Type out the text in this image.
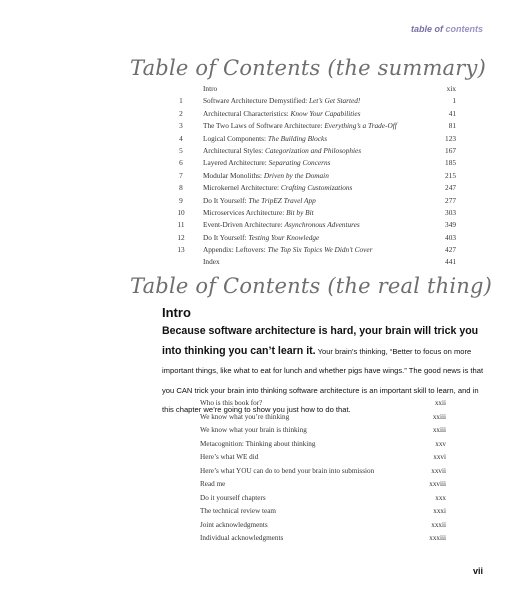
table of contents
Table of Contents (the summary)
Intro	xix
1	Software Architecture Demystified: Let’s Get Started!	1
2	Architectural Characteristics: Know Your Capabilities	41
3	The Two Laws of Software Architecture: Everything’s a Trade-Off	81
4	Logical Components: The Building Blocks	123
5	Architectural Styles: Categorization and Philosophies	167
6	Layered Architecture: Separating Concerns	185
7	Modular Monoliths: Driven by the Domain	215
8	Microkernel Architecture: Crafting Customizations	247
9	Do It Yourself: The TripEZ Travel App	277
10	Microservices Architecture: Bit by Bit	303
11	Event-Driven Architecture: Asynchronous Adventures	349
12	Do It Yourself: Testing Your Knowledge	403
13	Appendix: Leftovers: The Top Six Topics We Didn’t Cover	427
Index	441
Table of Contents (the real thing)
Intro
Because software architecture is hard, your brain will trick you into thinking you can’t learn it. Your brain’s thinking, “Better to focus on more important things, like what to eat for lunch and whether pigs have wings.” The good news is that you CAN trick your brain into thinking software architecture is an important skill to learn, and in this chapter we’re going to show you just how to do that.
Who is this book for?	xxii
We know what you’re thinking	xxiii
We know what your brain is thinking	xxiii
Metacognition: Thinking about thinking	xxv
Here’s what WE did	xxvi
Here’s what YOU can do to bend your brain into submission	xxvii
Read me	xxviii
Do it yourself chapters	xxx
The technical review team	xxxi
Joint acknowledgments	xxxii
Individual acknowledgments	xxxiii
vii
